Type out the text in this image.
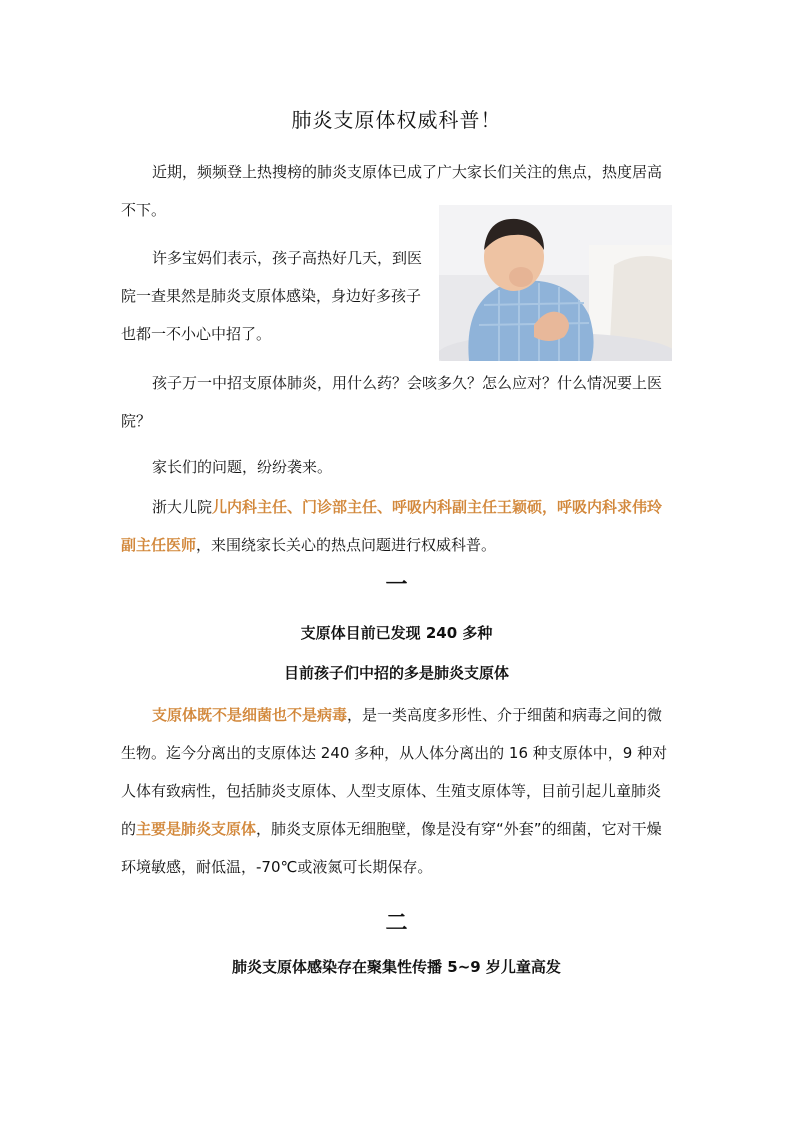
肺炎支原体权威科普！
近期，频频登上热搜榜的肺炎支原体已成了广大家长们关注的焦点，热度居高不下。
许多宝妈们表示，孩子高热好几天，到医院一查果然是肺炎支原体感染，身边好多孩子也都一不小心中招了。
孩子万一中招支原体肺炎，用什么药？会咳多久？怎么应对？什么情况要上医院？
家长们的问题，纷纷袭来。
浙大儿院儿内科主任、门诊部主任、呼吸内科副主任王颖硕，呼吸内科求伟玲副主任医师，来围绕家长关心的热点问题进行权威科普。
一
支原体目前已发现 240 多种
目前孩子们中招的多是肺炎支原体
支原体既不是细菌也不是病毒，是一类高度多形性、介于细菌和病毒之间的微生物。迄今分离出的支原体达 240 多种，从人体分离出的 16 种支原体中，9 种对人体有致病性，包括肺炎支原体、人型支原体、生殖支原体等，目前引起儿童肺炎的主要是肺炎支原体，肺炎支原体无细胞壁，像是没有穿“外套”的细菌，它对干燥环境敏感，耐低温，-70℃或液氮可长期保存。
二
肺炎支原体感染存在聚集性传播 5~9 岁儿童高发
